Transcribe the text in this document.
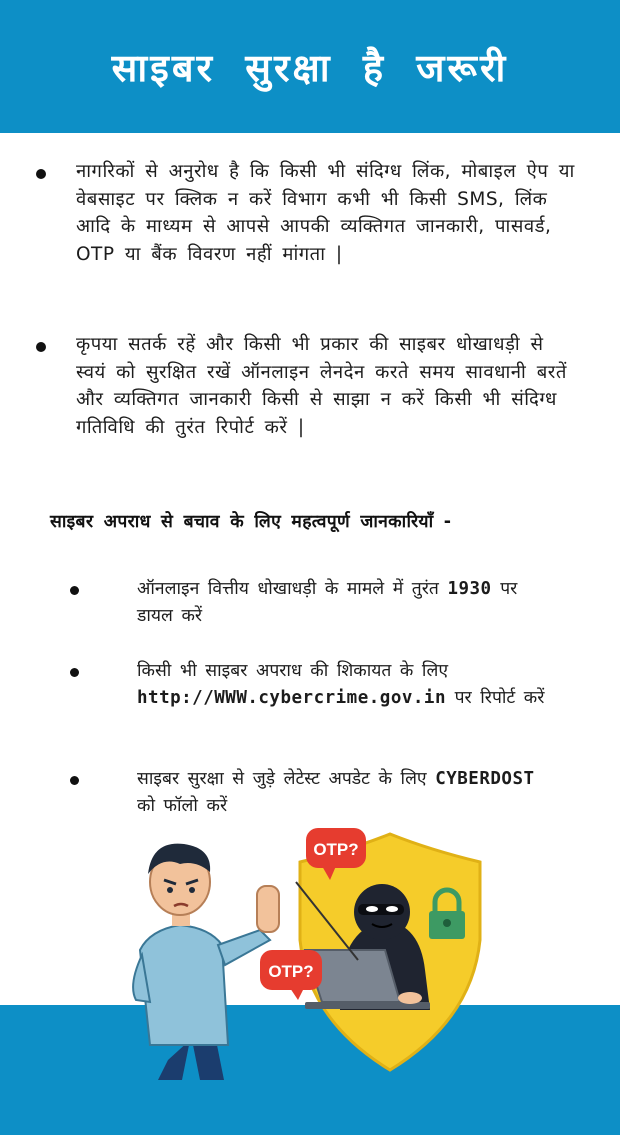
साइबर सुरक्षा है जरूरी

नागरिकों से अनुरोध है कि किसी भी संदिग्ध लिंक, मोबाइल ऐप या वेबसाइट पर क्लिक न करें विभाग कभी भी किसी SMS, लिंक आदि के माध्यम से आपसे आपकी व्यक्तिगत जानकारी, पासवर्ड, OTP या बैंक विवरण नहीं मांगता |

कृपया सतर्क रहें और किसी भी प्रकार की साइबर धोखाधड़ी से स्वयं को सुरक्षित रखें ऑनलाइन लेनदेन करते समय सावधानी बरतें और व्यक्तिगत जानकारी किसी से साझा न करें किसी भी संदिग्ध गतिविधि की तुरंत रिपोर्ट करें |

साइबर अपराध से बचाव के लिए महत्वपूर्ण जानकारियाँ -

ऑनलाइन वित्तीय धोखाधड़ी के मामले में तुरंत 1930 पर डायल करें

किसी भी साइबर अपराध की शिकायत के लिए http://WWW.cybercrime.gov.in पर रिपोर्ट करें

साइबर सुरक्षा से जुड़े लेटेस्ट अपडेट के लिए CYBERDOST को फॉलो करें

OTP?
OTP?
